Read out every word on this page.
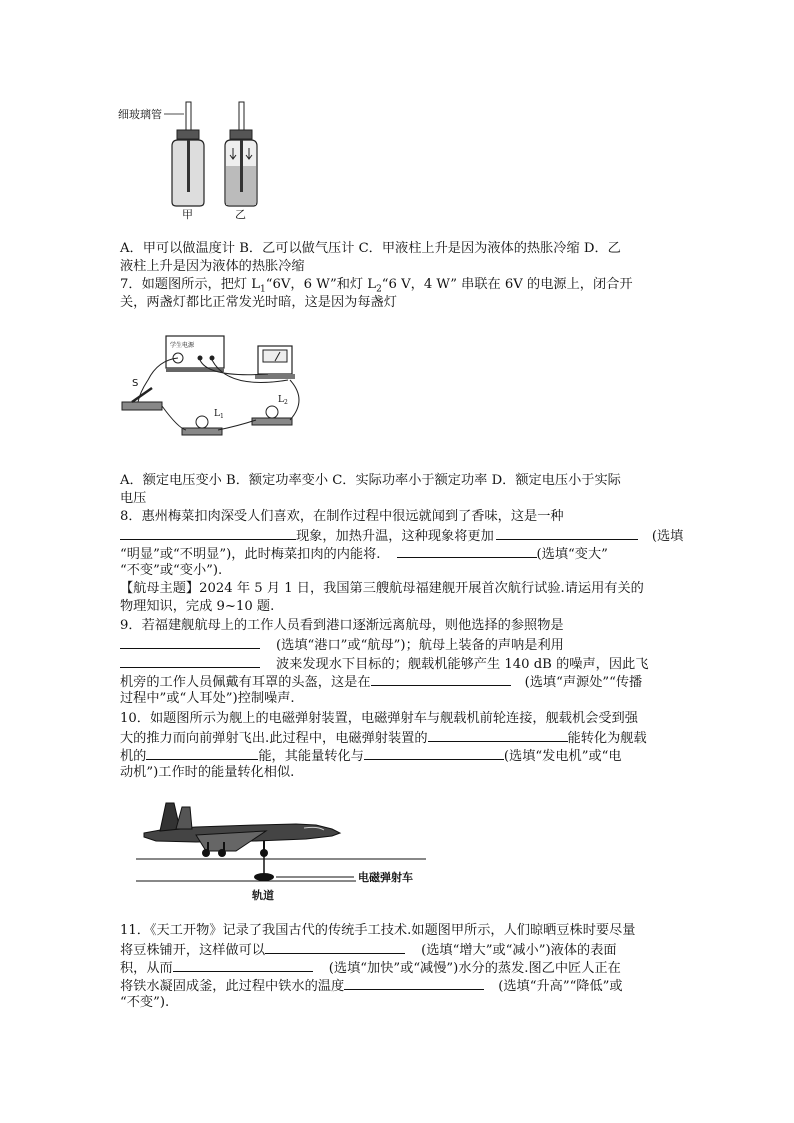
细玻璃管
甲	乙
A．甲可以做温度计 B．乙可以做气压计 C．甲液柱上升是因为液体的热胀冷缩 D．乙
液柱上升是因为液体的热胀冷缩
7．如题图所示，把灯 $L_1“6V$，6 W”和灯 $L_2“6$ V，4 W” 串联在 6V 的电源上，闭合开
关，两盏灯都比正常发光时暗，这是因为每盏灯
学生电源
S
$L_1$
$L_2$
A．额定电压变小 B．额定功率变小 C．实际功率小于额定功率 D．额定电压小于实际
电压
8．惠州梅菜扣肉深受人们喜欢，在制作过程中很远就闻到了香味，这是一种
现象，加热升温，这种现象将更加	(选填
“明显”或“不明显”)，此时梅菜扣肉的内能将.	(选填“变大”
“不变”或“变小”).
【航母主题】2024 年 5 月 1 日，我国第三艘航母福建舰开展首次航行试验.请运用有关的
物理知识，完成 9~10 题.
9．若福建舰航母上的工作人员看到港口逐渐远离航母，则他选择的参照物是
(选填“港口”或“航母”)；航母上装备的声呐是利用
波来发现水下目标的；舰载机能够产生 140 dB 的噪声，因此飞
机旁的工作人员佩戴有耳罩的头盔，这是在	(选填“声源处”“传播
过程中”或“人耳处”)控制噪声.
10．如题图所示为舰上的电磁弹射装置，电磁弹射车与舰载机前轮连接，舰载机会受到强
大的推力而向前弹射飞出.此过程中，电磁弹射装置的	能转化为舰载
机的	能，其能量转化与	(选填“发电机”或“电
动机”)工作时的能量转化相似.
电磁弹射车
轨道
11．《天工开物》记录了我国古代的传统手工技术.如题图甲所示，人们晾晒豆株时要尽量
将豆株铺开，这样做可以	(选填“增大”或“减小”)液体的表面
积，从而	(选填“加快”或“减慢”)水分的蒸发.图乙中匠人正在
将铁水凝固成釜，此过程中铁水的温度	(选填“升高”“降低”或
“不变”).
